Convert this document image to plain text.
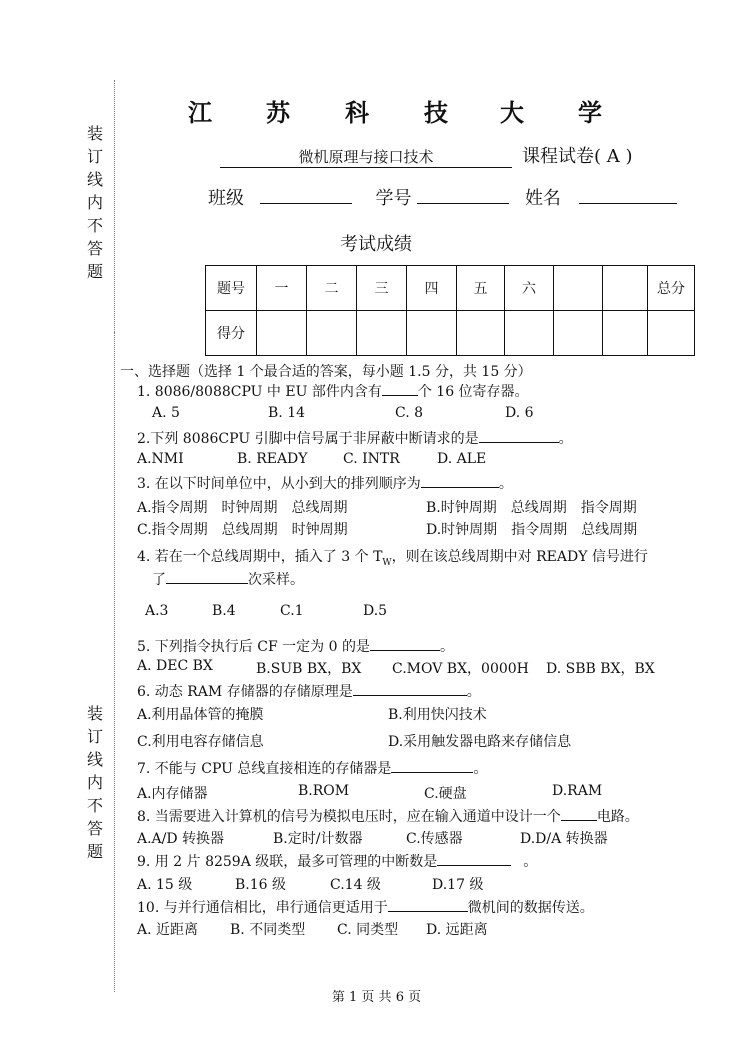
装
订
线
内
不
答
题
装
订
线
内
不
答
题
江 苏 科 技 大 学
微机原理与接口技术	课程试卷( A )
班级	学号	姓名
考试成绩
题号	一	二	三	四	五	六			总分
得分									
一、选择题（选择 1 个最合适的答案，每小题 1.5 分，共 15 分）
1. 8086/8088CPU 中 EU 部件内含有	个 16 位寄存器。
2.下列 8086CPU 引脚中信号属于非屏蔽中断请求的是	。
3. 在以下时间单位中，从小到大的排列顺序为	。
4. 若在一个总线周期中，插入了 3 个 $T_W$，则在该总线周期中对 READY 信号进行
了	次采样。
5. 下列指令执行后 CF 一定为 0 的是	。
6. 动态 RAM 存储器的存储原理是	。
7. 不能与 CPU 总线直接相连的存储器是	。
8. 当需要进入计算机的信号为模拟电压时，应在输入通道中设计一个	电路。
9. 用 2 片 8259A 级联，最多可管理的中断数是	。
10. 与并行通信相比，串行通信更适用于	微机间的数据传送。
第 1 页 共 6 页
A. 5	B. 14	C. 8	D. 6
A.NMI	B. READY	C. INTR	D. ALE
A.指令周期　时钟周期　总线周期	B.时钟周期　总线周期　指令周期
C.指令周期　总线周期　时钟周期	D.时钟周期　指令周期　总线周期
A.3	B.4	C.1	D.5
A. DEC BX	B.SUB BX，BX C.MOV BX，0000H D. SBB BX，BX
A.利用晶体管的掩膜	B.利用快闪技术
C.利用电容存储信息	D.采用触发器电路来存储信息
A.内存储器	B.ROM	C.硬盘	D.RAM
A.A/D 转换器	B.定时/计数器	C.传感器	D.D/A 转换器
A. 15 级	B.16 级	C.14 级	D.17 级
A. 近距离 B. 不同类型 C. 同类型 D. 远距离
